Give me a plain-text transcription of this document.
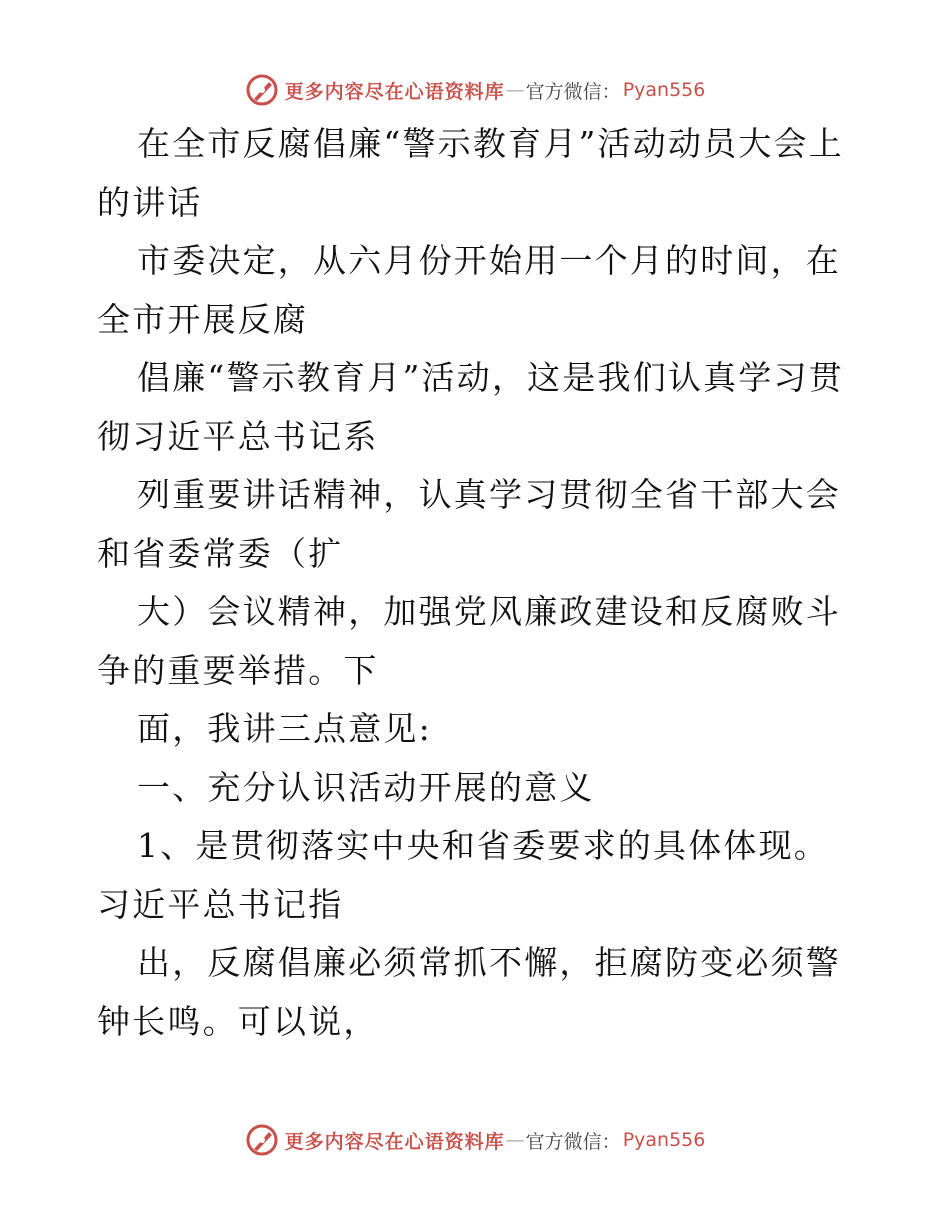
更多内容尽在心语资料库 — 官方微信： Pyan556

在全市反腐倡廉“警示教育月”活动动员大会上的讲话

市委决定，从六月份开始用一个月的时间，在全市开展反腐

倡廉“警示教育月”活动，这是我们认真学习贯彻习近平总书记系

列重要讲话精神，认真学习贯彻全省干部大会和省委常委（扩

大）会议精神，加强党风廉政建设和反腐败斗争的重要举措。下

面，我讲三点意见:

一、充分认识活动开展的意义

1、是贯彻落实中央和省委要求的具体体现。习近平总书记指

出，反腐倡廉必须常抓不懈，拒腐防变必须警钟长鸣。可以说，

更多内容尽在心语资料库 — 官方微信： Pyan556
